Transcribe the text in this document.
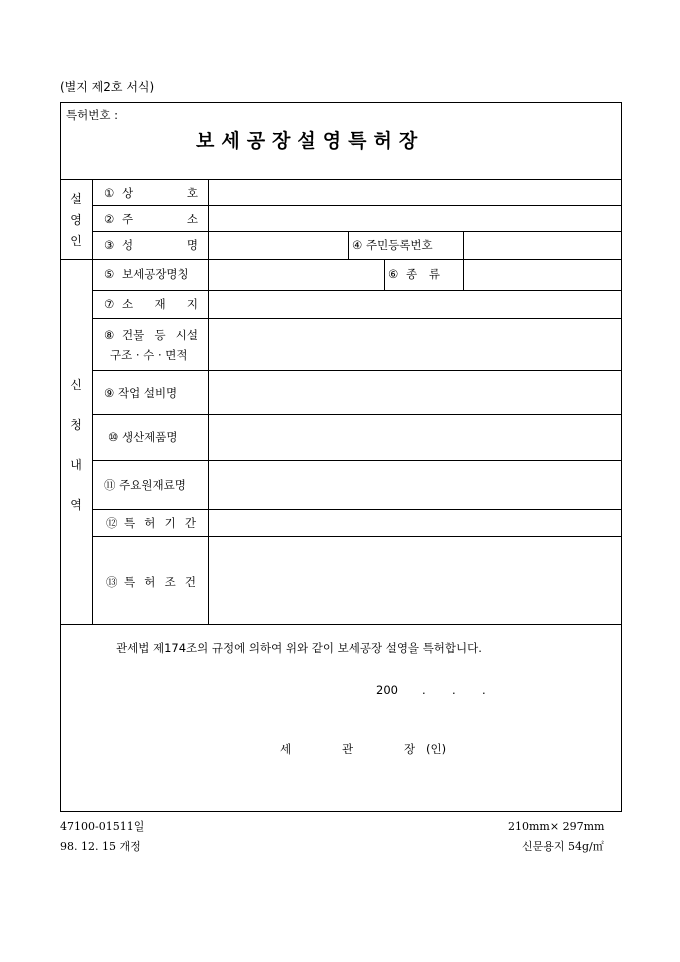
(별지 제2호 서식)
특허번호 :
보세공장설영특허장
설
영
인
① 상	호
② 주	소
③ 성	명	④ 주민등록번호
신
청
내
역
⑤ 보세공장명칭	⑥ 종 류
⑦ 소 재 지
⑧ 건물 등 시설
구조 · 수 · 면적
⑨ 작업 설비명
⑩ 생산제품명
⑪ 주요원재료명
⑫ 특 허 기 간
⑬ 특 허 조 건
관세법 제174조의 규정에 의하여 위와 같이 보세공장 설영을 특허합니다.
200 . . .
세	관	장 (인)
47100-01511일
98. 12. 15 개정
210mm× 297mm
신문용지 54g/㎡
